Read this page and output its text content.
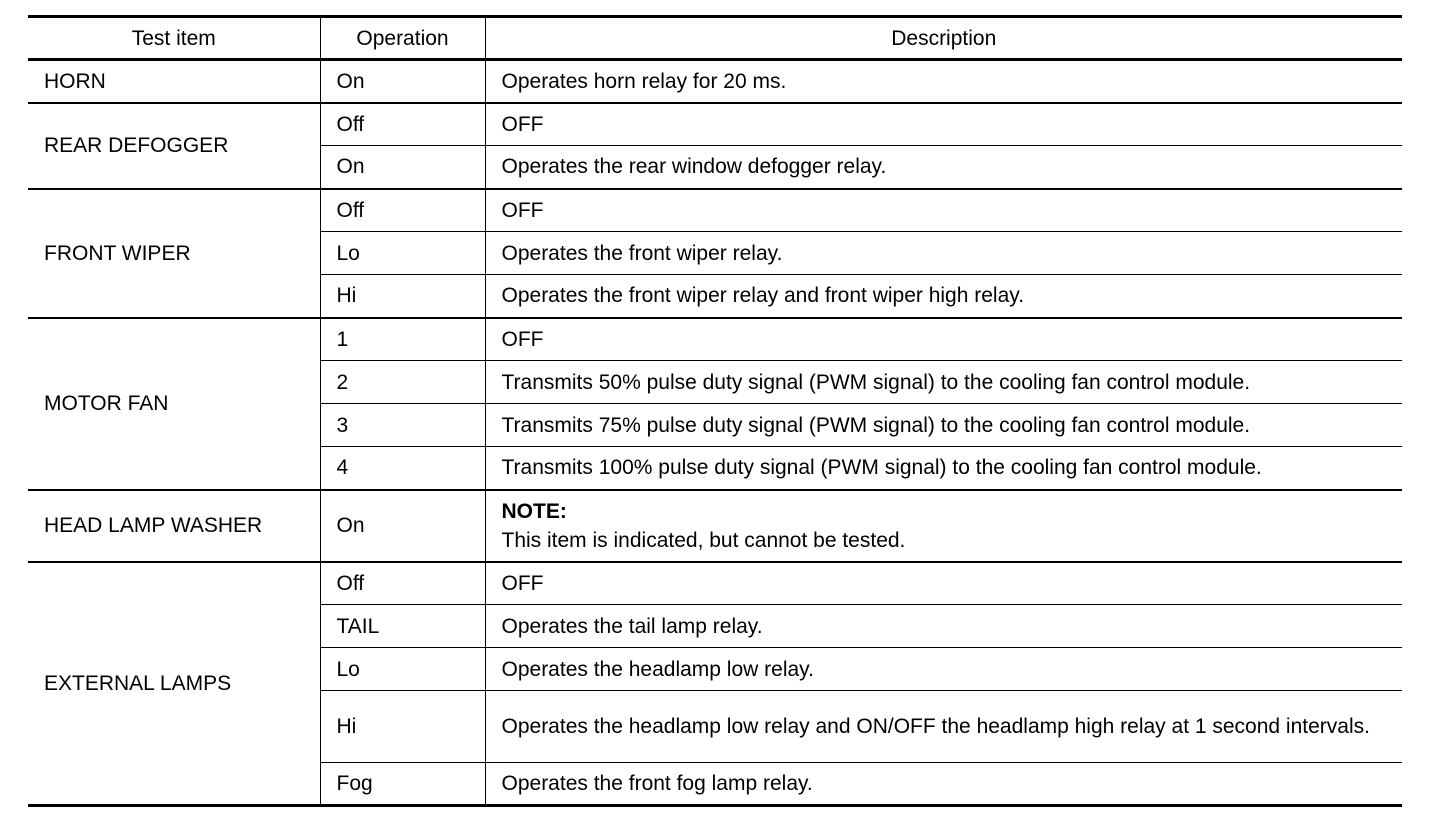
Test item	Operation	Description
HORN	On	Operates horn relay for 20 ms.
REAR DEFOGGER	Off	OFF
	On	Operates the rear window defogger relay.
FRONT WIPER	Off	OFF
	Lo	Operates the front wiper relay.
	Hi	Operates the front wiper relay and front wiper high relay.
MOTOR FAN	1	OFF
	2	Transmits 50% pulse duty signal (PWM signal) to the cooling fan control module.
	3	Transmits 75% pulse duty signal (PWM signal) to the cooling fan control module.
	4	Transmits 100% pulse duty signal (PWM signal) to the cooling fan control module.
HEAD LAMP WASHER	On	NOTE:
This item is indicated, but cannot be tested.

EXTERNAL LAMPS	Off	OFF
	TAIL	Operates the tail lamp relay.
	Lo	Operates the headlamp low relay.
	Hi	Operates the headlamp low relay and ON/OFF the headlamp high relay at 1 second intervals.
	Fog	Operates the front fog lamp relay.
